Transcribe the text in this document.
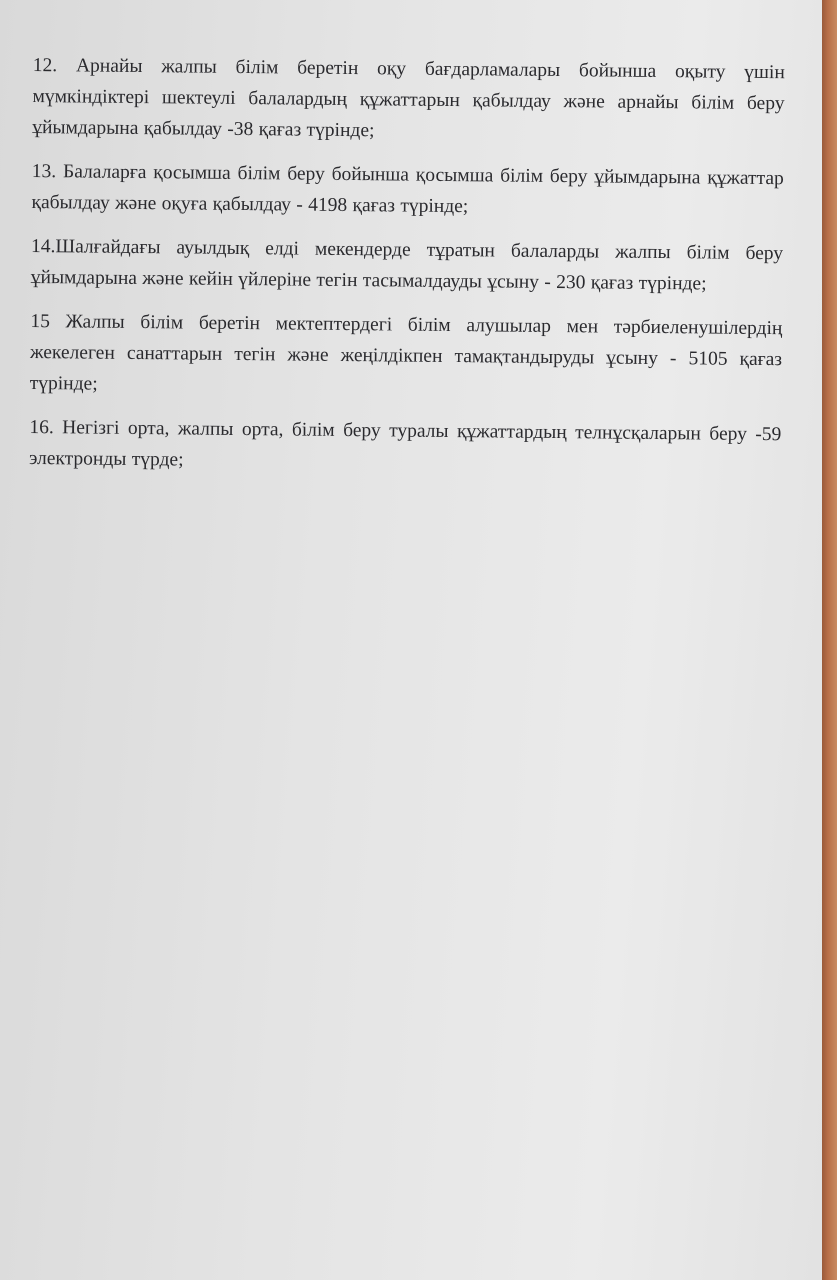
12. Арнайы жалпы білім беретін оқу бағдарламалары бойынша оқыту үшін мүмкіндіктері шектеулі балалардың құжаттарын қабылдау және арнайы білім беру ұйымдарына қабылдау -38 қағаз түрінде;

13. Балаларға қосымша білім беру бойынша қосымша білім беру ұйымдарына құжаттар қабылдау және оқуға қабылдау - 4198 қағаз түрінде;

14.Шалғайдағы ауылдық елді мекендерде тұратын балаларды жалпы білім беру ұйымдарына және кейін үйлеріне тегін тасымалдауды ұсыну - 230 қағаз түрінде;

15 Жалпы білім беретін мектептердегі білім алушылар мен тәрбиеленушілердің жекелеген санаттарын тегін және жеңілдікпен тамақтандыруды ұсыну - 5105 қағаз түрінде;

16. Негізгі орта, жалпы орта, білім беру туралы құжаттардың телнұсқаларын беру -59 электронды түрде;
